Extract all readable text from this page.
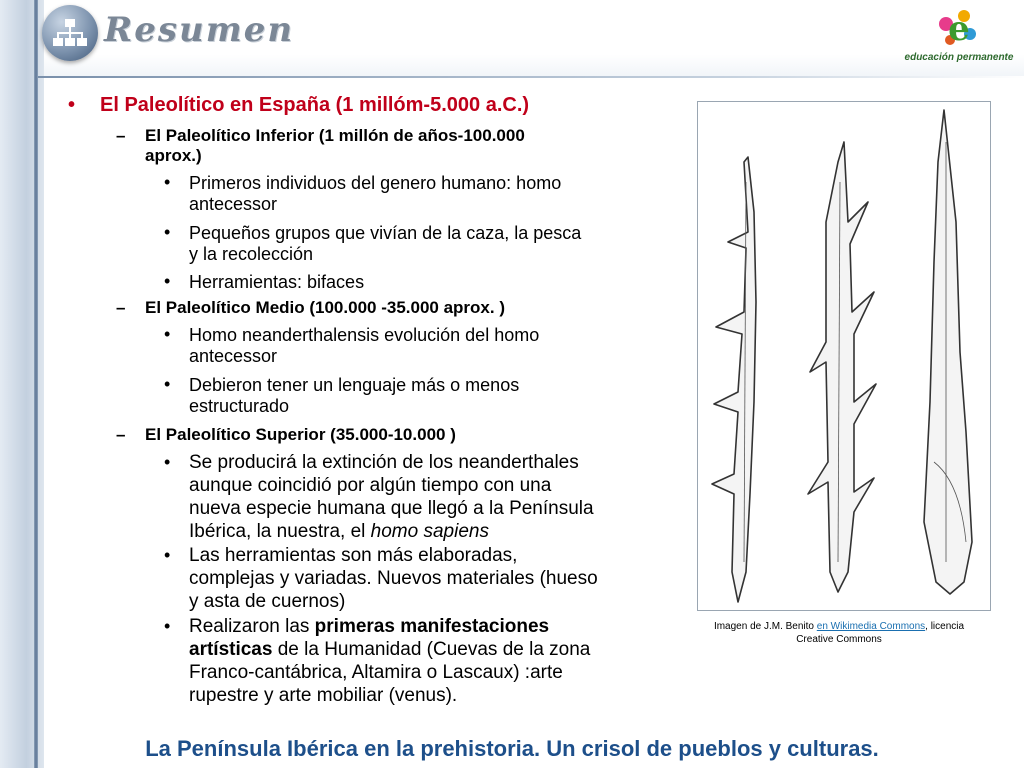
Resumen	e
educación permanente
• El Paleolítico en España (1 millóm-5.000 a.C.)
– El Paleolítico Inferior (1 millón de años-100.000
aprox.)
• Primeros individuos del genero humano: homo
antecessor
• Pequeños grupos que vivían de la caza, la pesca
y la recolección
• Herramientas: bifaces
– El Paleolítico Medio (100.000 -35.000 aprox. )
• Homo neanderthalensis evolución del homo
antecessor
• Debieron tener un lenguaje más o menos
estructurado
– El Paleolítico Superior (35.000-10.000 )
• Se producirá la extinción de los neanderthales
aunque coincidió por algún tiempo con una
nueva especie humana que llegó a la Península
Ibérica, la nuestra, el homo sapiens
• Las herramientas son más elaboradas,
complejas y variadas. Nuevos materiales (hueso
y asta de cuernos)
• Realizaron las primeras manifestaciones
artísticas de la Humanidad (Cuevas de la zona
Franco-cantábrica, Altamira o Lascaux) :arte
rupestre y arte mobiliar (venus).
Imagen de J.M. Benito en Wikimedia Commons, licencia
Creative Commons
La Península Ibérica en la prehistoria. Un crisol de pueblos y culturas.
